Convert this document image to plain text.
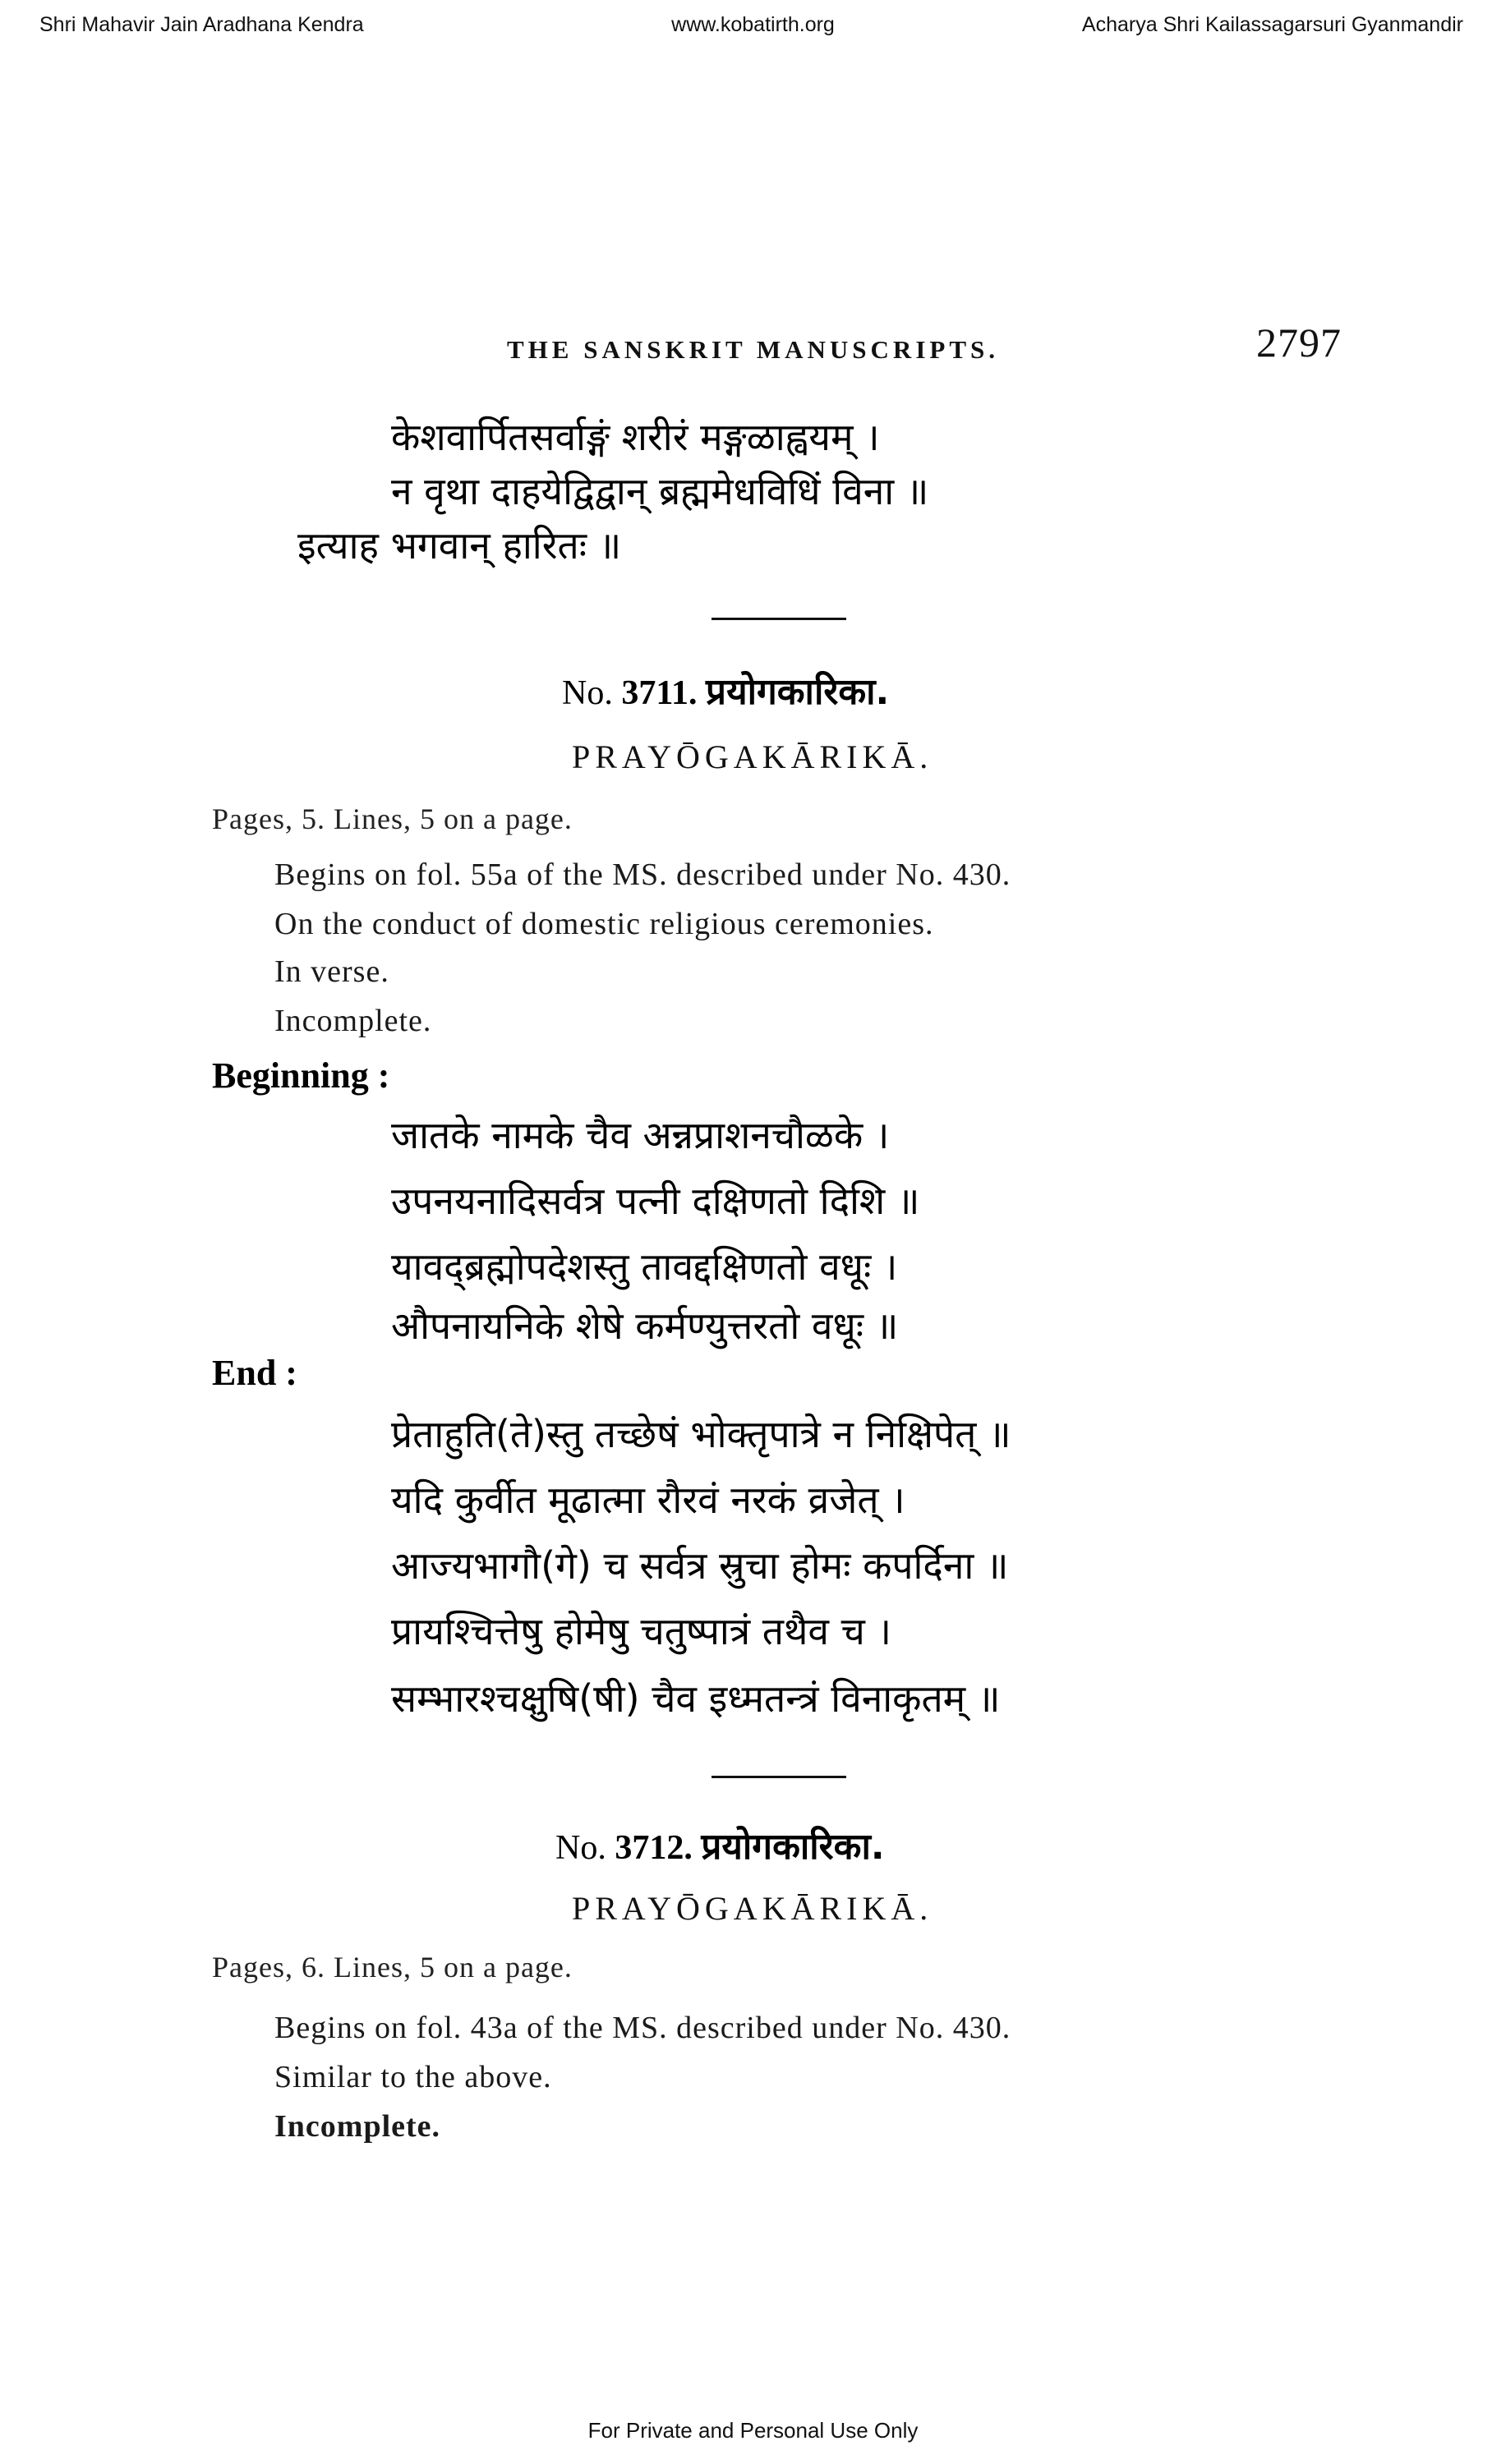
www.kobatirth.org
Shri Mahavir Jain Aradhana Kendra	Acharya Shri Kailassagarsuri Gyanmandir
THE SANSKRIT MANUSCRIPTS.	2797
केशवार्पितसर्वाङ्गं शरीरं मङ्गळाह्वयम् ।
न वृथा दाहयेद्विद्वान् ब्रह्ममेधविधिं विना ॥
इत्याह भगवान् हारितः ॥
No. 3711. प्रयोगकारिका.
PRAYŌGAKĀRIKĀ.
Pages, 5. Lines, 5 on a page.
Begins on fol. 55a of the MS. described under No. 430.
On the conduct of domestic religious ceremonies.
In verse.
Incomplete.
Beginning :
जातके नामके चैव अन्नप्राशनचौळके ।
उपनयनादिसर्वत्र पत्नी दक्षिणतो दिशि ॥
यावद्ब्रह्मोपदेशस्तु तावद्दक्षिणतो वधूः ।
औपनायनिके शेषे कर्मण्युत्तरतो वधूः ॥
End :
प्रेताहुति(ते)स्तु तच्छेषं भोक्तृपात्रे न निक्षिपेत् ॥
यदि कुर्वीत मूढात्मा रौरवं नरकं व्रजेत् ।
आज्यभागौ(गे) च सर्वत्र स्रुचा होमः कपर्दिना ॥
प्रायश्चित्तेषु होमेषु चतुष्पात्रं तथैव च ।
सम्भारश्चक्षुषि(षी) चैव इध्मतन्त्रं विनाकृतम् ॥
No. 3712. प्रयोगकारिका.
PRAYŌGAKĀRIKĀ.
Pages, 6. Lines, 5 on a page.
Begins on fol. 43a of the MS. described under No. 430.
Similar to the above.
Incomplete.
For Private and Personal Use Only
